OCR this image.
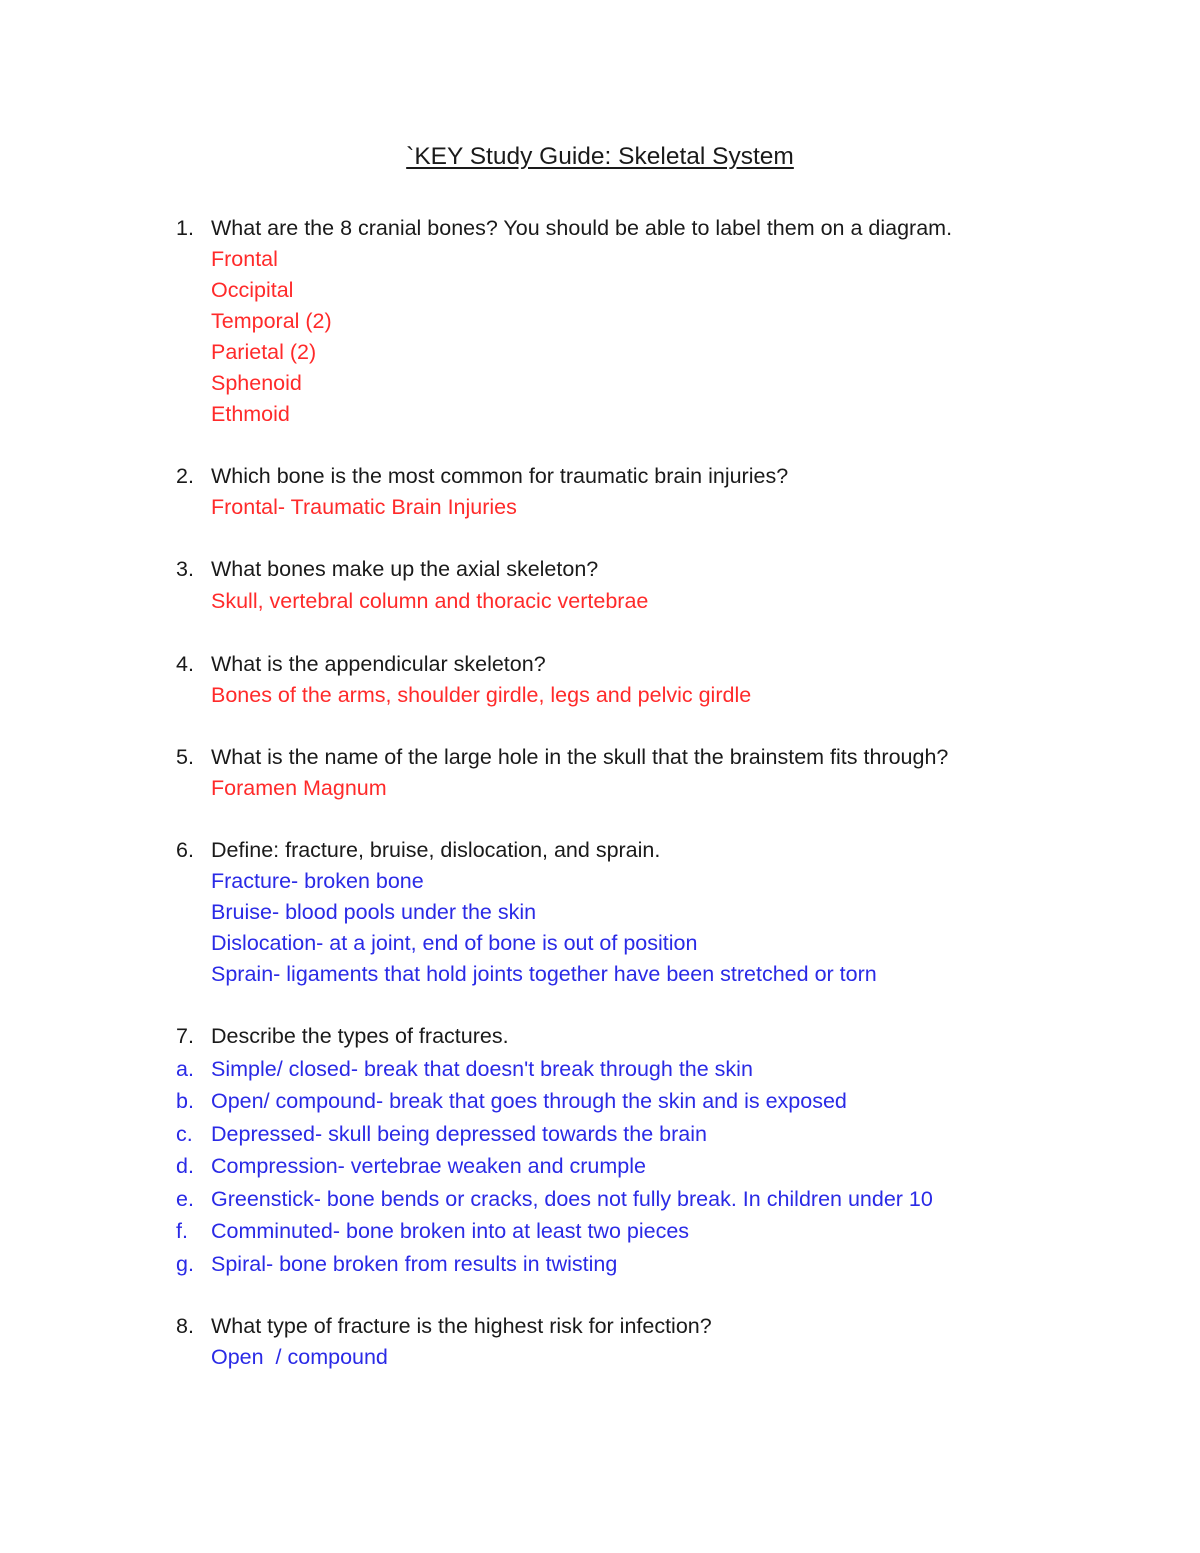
`KEY Study Guide: Skeletal System
1. What are the 8 cranial bones? You should be able to label them on a diagram.
Frontal
Occipital
Temporal (2)
Parietal (2)
Sphenoid
Ethmoid
2. Which bone is the most common for traumatic brain injuries?
Frontal- Traumatic Brain Injuries
3. What bones make up the axial skeleton?
Skull, vertebral column and thoracic vertebrae
4. What is the appendicular skeleton?
Bones of the arms, shoulder girdle, legs and pelvic girdle
5. What is the name of the large hole in the skull that the brainstem fits through?
Foramen Magnum
6. Define: fracture, bruise, dislocation, and sprain.
Fracture- broken bone
Bruise- blood pools under the skin
Dislocation- at a joint, end of bone is out of position
Sprain- ligaments that hold joints together have been stretched or torn
7. Describe the types of fractures.
a. Simple/ closed- break that doesn't break through the skin
b. Open/ compound- break that goes through the skin and is exposed
c. Depressed- skull being depressed towards the brain
d. Compression- vertebrae weaken and crumple
e. Greenstick- bone bends or cracks, does not fully break. In children under 10
f. Comminuted- bone broken into at least two pieces
g. Spiral- bone broken from results in twisting
8. What type of fracture is the highest risk for infection?
Open  / compound
